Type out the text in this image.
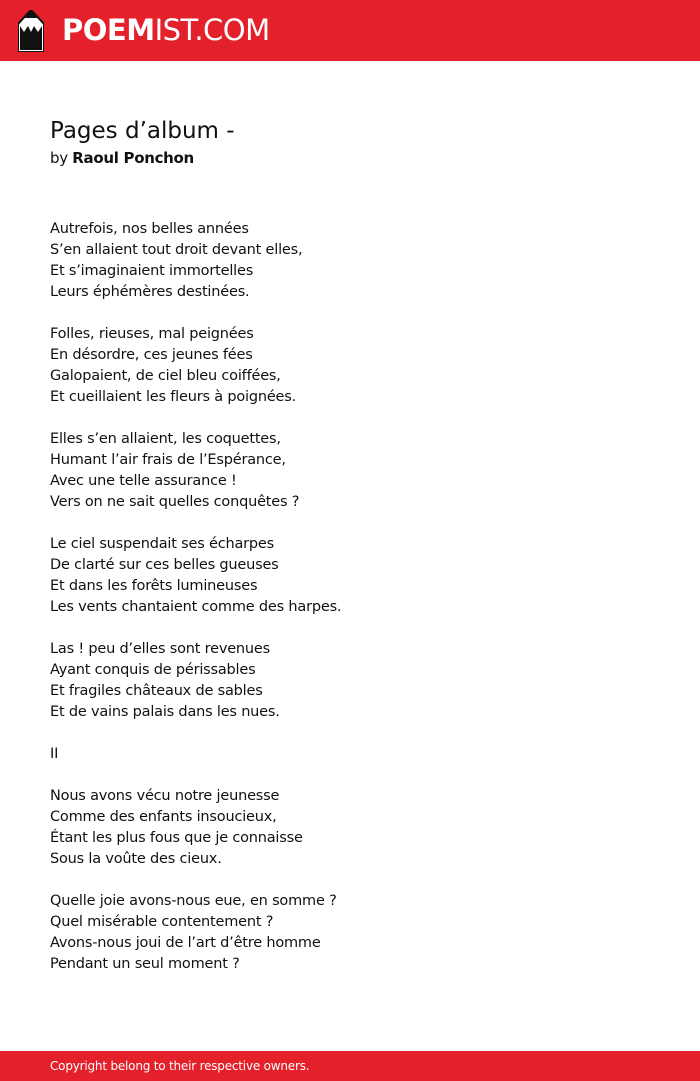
POEMIST.COM
Pages d’album -

by Raoul Ponchon

Autrefois, nos belles années
S’en allaient tout droit devant elles,
Et s’imaginaient immortelles
Leurs éphémères destinées.
Folles, rieuses, mal peignées
En désordre, ces jeunes fées
Galopaient, de ciel bleu coiffées,
Et cueillaient les fleurs à poignées.
Elles s’en allaient, les coquettes,
Humant l’air frais de l’Espérance,
Avec une telle assurance !
Vers on ne sait quelles conquêtes ?
Le ciel suspendait ses écharpes
De clarté sur ces belles gueuses
Et dans les forêts lumineuses
Les vents chantaient comme des harpes.
Las ! peu d’elles sont revenues
Ayant conquis de périssables
Et fragiles châteaux de sables
Et de vains palais dans les nues.
II
Nous avons vécu notre jeunesse
Comme des enfants insoucieux,
Étant les plus fous que je connaisse
Sous la voûte des cieux.
Quelle joie avons-nous eue, en somme ?
Quel misérable contentement ?
Avons-nous joui de l’art d’être homme
Pendant un seul moment ?
Copyright belong to their respective owners.
